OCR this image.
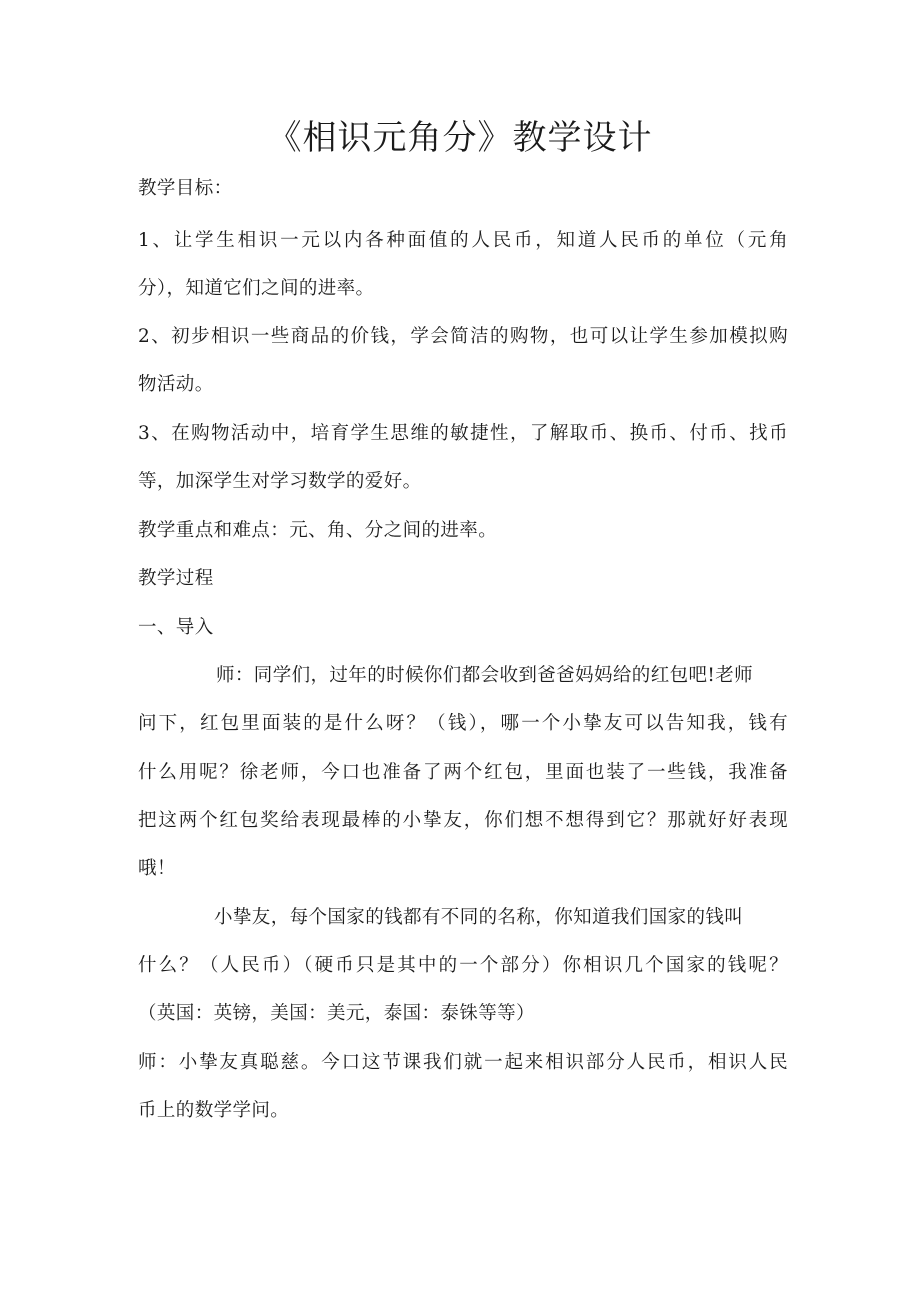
《相识元角分》教学设计
教学目标：
1、让学生相识一元以内各种面值的人民币，知道人民币的单位（元角
分），知道它们之间的进率。
2、初步相识一些商品的价钱，学会简洁的购物，也可以让学生参加模拟购
物活动。
3、在购物活动中，培育学生思维的敏捷性，了解取币、换币、付币、找币
等，加深学生对学习数学的爱好。
教学重点和难点：元、角、分之间的进率。
教学过程
一、导入
师：同学们，过年的时候你们都会收到爸爸妈妈给的红包吧!老师
问下，红包里面装的是什么呀？（钱），哪一个小挚友可以告知我，钱有
什么用呢？徐老师，今口也准备了两个红包，里面也装了一些钱，我准备
把这两个红包奖给表现最棒的小挚友，你们想不想得到它？那就好好表现
哦！
小挚友，每个国家的钱都有不同的名称，你知道我们国家的钱叫
什么？（人民币）（硬币只是其中的一个部分）你相识几个国家的钱呢？
（英国：英镑，美国：美元，泰国：泰铢等等）
师：小挚友真聪慈。今口这节课我们就一起来相识部分人民币，相识人民
币上的数学学问。
